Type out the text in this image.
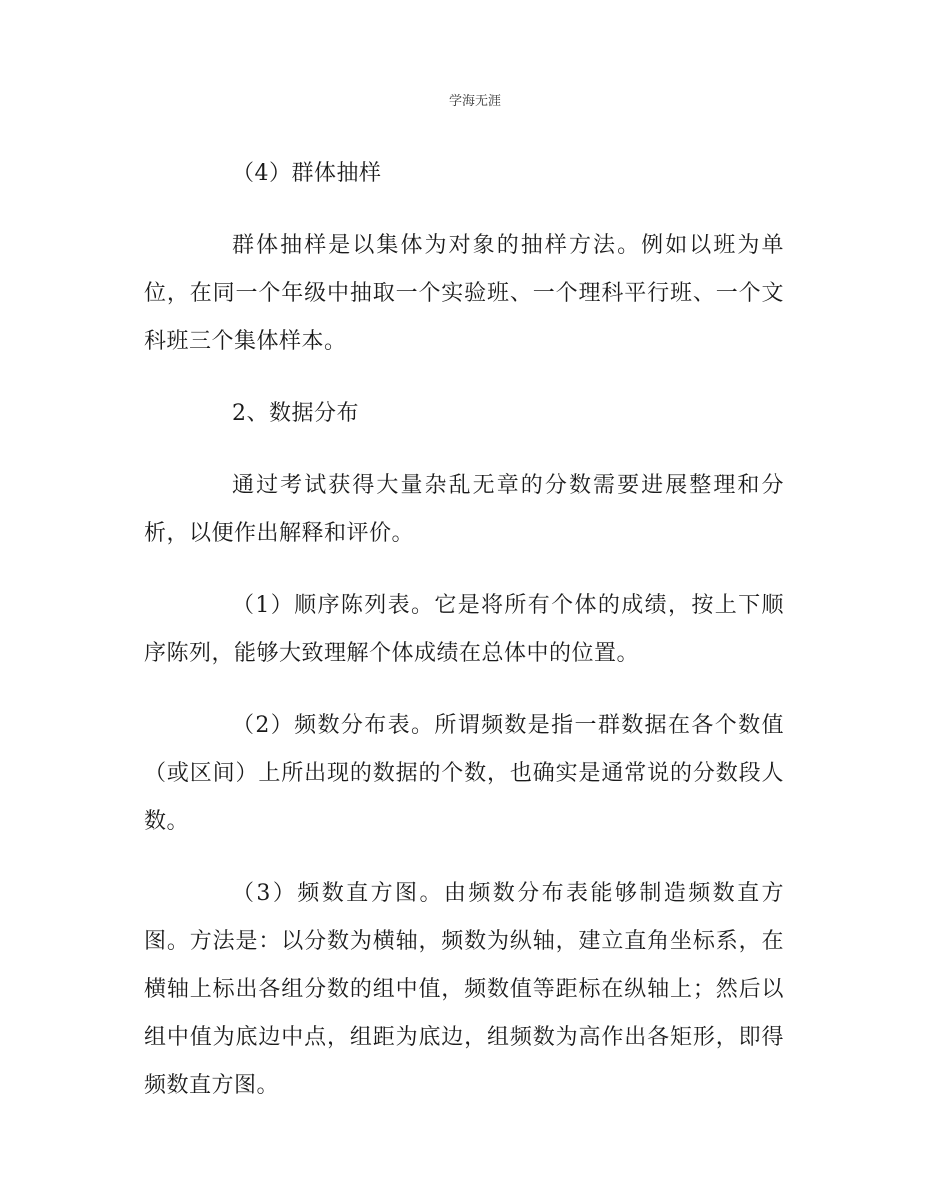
学海无涯

（4）群体抽样

群体抽样是以集体为对象的抽样方法。例如以班为单位，在同一个年级中抽取一个实验班、一个理科平行班、一个文科班三个集体样本。

2、数据分布

通过考试获得大量杂乱无章的分数需要进展整理和分析，以便作出解释和评价。

（1）顺序陈列表。它是将所有个体的成绩，按上下顺序陈列，能够大致理解个体成绩在总体中的位置。

（2）频数分布表。所谓频数是指一群数据在各个数值（或区间）上所出现的数据的个数，也确实是通常说的分数段人数。

（3）频数直方图。由频数分布表能够制造频数直方图。方法是：以分数为横轴，频数为纵轴，建立直角坐标系，在横轴上标出各组分数的组中值，频数值等距标在纵轴上；然后以组中值为底边中点，组距为底边，组频数为高作出各矩形，即得频数直方图。
